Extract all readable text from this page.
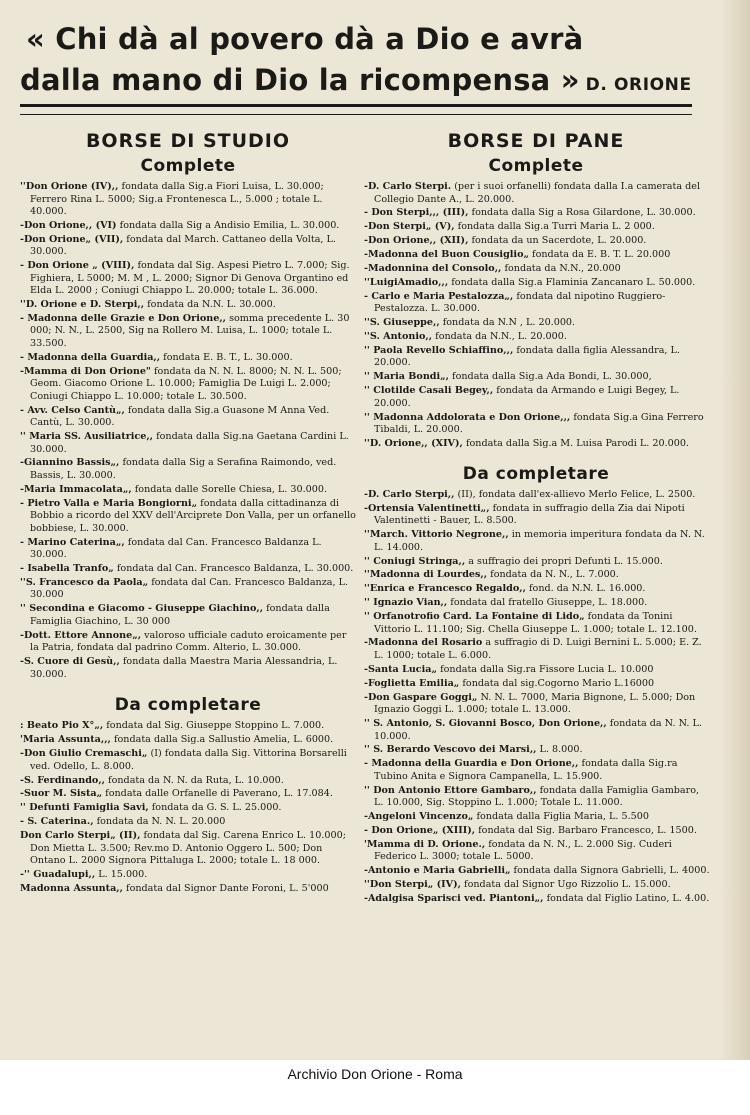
« Chi dà al povero dà a Dio e avrà
dalla mano di Dio la ricompensa » D. ORIONE
BORSE DI STUDIO
Complete
''Don Orione (IV),, fondata dalla Sig.a Fiori Luisa, L. 30.000; Ferrero Rina L. 5000; Sig.a Frontenesca L., 5.000 ; totale L. 40.000.
-Don Orione,, (VI) fondata dalla Sig a Andisio Emilia, L. 30.000.
-Don Orione„ (VII), fondata dal March. Cattaneo della Volta, L. 30.000.
- Don Orione „ (VIII), fondata dal Sig. Aspesi Pietro L. 7.000; Sig. Fighiera, L 5000; M. M , L. 2000; Signor Di Genova Organtino ed Elda L. 2000 ; Coniugi Chiappo L. 20.000; totale L. 36.000.
''D. Orione e D. Sterpi,, fondata da N.N. L. 30.000.
- Madonna delle Grazie e Don Orione,, somma precedente L. 30 000; N. N., L. 2500, Sig na Rollero M. Luisa, L. 1000; totale L. 33.500.
- Madonna della Guardia,, fondata E. B. T., L. 30.000.
-Mamma di Don Orione" fondata da N. N. L. 8000; N. N. L. 500; Geom. Giacomo Orione L. 10.000; Famiglia De Luigi L. 2.000; Coniugi Chiappo L. 10.000; totale L. 30.500.
- Avv. Celso Cantù„, fondata dalla Sig.a Guasone M Anna Ved. Cantù, L. 30.000.
'' Maria SS. Ausiliatrice,, fondata dalla Sig.na Gaetana Cardini L. 30.000.
-Giannino Bassis„, fondata dalla Sig a Serafina Raimondo, ved. Bassis, L. 30.000.
-Maria Immacolata„, fondata dalle Sorelle Chiesa, L. 30.000.
- Pietro Valla e Maria Bongiorni„ fondata dalla cittadinanza di Bobbio a ricordo del XXV dell'Arciprete Don Valla, per un orfanello bobbiese, L. 30.000.
- Marino Caterina„, fondata dal Can. Francesco Baldanza L. 30.000.
- Isabella Tranfo„ fondata dal Can. Francesco Baldanza, L. 30.000.
''S. Francesco da Paola„ fondata dal Can. Francesco Baldanza, L. 30.000
'' Secondina e Giacomo - Giuseppe Giachino,, fondata dalla Famiglia Giachino, L. 30 000
-Dott. Ettore Annone„, valoroso ufficiale caduto eroicamente per la Patria, fondata dal padrino Comm. Alterio, L. 30.000.
-S. Cuore di Gesù,, fondata dalla Maestra Maria Alessandria, L. 30.000.
Da completare
: Beato Pio X°„, fondata dal Sig. Giuseppe Stoppino L. 7.000.
'Maria Assunta,,, fondata dalla Sig.a Sallustio Amelia, L. 6000.
-Don Giulio Cremaschi„ (I) fondata dalla Sig. Vittorina Borsarelli ved. Odello, L. 8.000.
-S. Ferdinando,, fondata da N. N. da Ruta, L. 10.000.
-Suor M. Sista„ fondata dalle Orfanelle di Paverano, L. 17.084.
'' Defunti Famiglia Savi, fondata da G. S. L. 25.000.
- S. Caterina., fondata da N. N. L. 20.000
Don Carlo Sterpi„ (II), fondata dal Sig. Carena Enrico L. 10.000; Don Mietta L. 3.500; Rev.mo D. Antonio Oggero L. 500; Don Ontano L. 2000 Signora Pittaluga L. 2000; totale L. 18 000.
-'' Guadalupi,, L. 15.000.
Madonna Assunta,, fondata dal Signor Dante Foroni, L. 5'000
BORSE DI PANE
Complete
-D. Carlo Sterpi. (per i suoi orfanelli) fondata dalla I.a camerata del Collegio Dante A., L. 20.000.
- Don Sterpi,,, (III), fondata dalla Sig a Rosa Gilardone, L. 30.000.
-Don Sterpi„ (V), fondata dalla Sig.a Turri Maria L. 2 000.
-Don Orione,, (XII), fondata da un Sacerdote, L. 20.000.
-Madonna del Buon Cousiglio„ fondata da E. B. T. L. 20.000
-Madonnina del Consolo,, fondata da N.N., 20.000
''LuigiAmadio,,, fondata dalla Sig.a Flaminia Zancanaro L. 50.000.
- Carlo e Maria Pestalozza„, fondata dal nipotino Ruggiero-Pestalozza. L. 30.000.
''S. Giuseppe,, fondata da N.N , L. 20.000.
''S. Antonio,, fondata da N.N., L. 20.000.
'' Paola Revello Schiaffino,,, fondata dalla figlia Alessandra, L. 20.000.
'' Maria Bondi„, fondata dalla Sig.a Ada Bondi, L. 30.000,
'' Clotilde Casali Begey,, fondata da Armando e Luigi Begey, L. 20.000.
'' Madonna Addolorata e Don Orione,,, fondata Sig.a Gina Ferrero Tibaldi, L. 20.000.
''D. Orione,, (XIV), fondata dalla Sig.a M. Luisa Parodi L. 20.000.
Da completare
-D. Carlo Sterpi,, (II), fondata dall'ex-allievo Merlo Felice, L. 2500.
-Ortensia Valentinetti„, fondata in suffragio della Zia dai Nipoti Valentinetti - Bauer, L. 8.500.
''March. Vittorio Negrone,, in memoria imperitura fondata da N. N. L. 14.000.
'' Coniugi Stringa,, a suffragio dei propri Defunti L. 15.000.
''Madonna di Lourdes,, fondata da N. N., L. 7.000.
''Enrica e Francesco Regaldo,, fond. da N.N. L. 16.000.
'' Ignazio Vian,, fondata dal fratello Giuseppe, L. 18.000.
'' Orfanotrofio Card. La Fontaine di Lido„ fondata da Tonini Vittorio L. 11.100; Sig. Chella Giuseppe L. 1.000; totale L. 12.100.
-Madonna del Rosario a suffragio di D. Luigi Bernini L. 5.000; E. Z. L. 1000; totale L. 6.000.
-Santa Lucia„ fondata dalla Sig.ra Fissore Lucia L. 10.000
-Foglietta Emilia„ fondata dal sig.Cogorno Mario L.16000
-Don Gaspare Goggi„ N. N. L. 7000, Maria Bignone, L. 5.000; Don Ignazio Goggi L. 1.000; totale L. 13.000.
'' S. Antonio, S. Giovanni Bosco, Don Orione,, fondata da N. N. L. 10.000.
'' S. Berardo Vescovo dei Marsi,, L. 8.000.
- Madonna della Guardia e Don Orione,, fondata dalla Sig.ra Tubino Anita e Signora Campanella, L. 15.900.
'' Don Antonio Ettore Gambaro,, fondata dalla Famiglia Gambaro, L. 10.000, Sig. Stoppino L. 1.000; Totale L. 11.000.
-Angeloni Vincenzo„ fondata dalla Figlia Maria, L. 5.500
- Don Orione„ (XIII), fondata dal Sig. Barbaro Francesco, L. 1500.
'Mamma di D. Orione., fondata da N. N., L. 2.000 Sig. Cuderi Federico L. 3000; totale L. 5000.
-Antonio e Maria Gabrielli„ fondata dalla Signora Gabrielli, L. 4000.
''Don Sterpi„ (IV), fondata dal Signor Ugo Rizzolio L. 15.000.
-Adalgisa Sparisci ved. Piantoni„, fondata dal Figlio Latino, L. 4.00.
Archivio Don Orione - Roma
